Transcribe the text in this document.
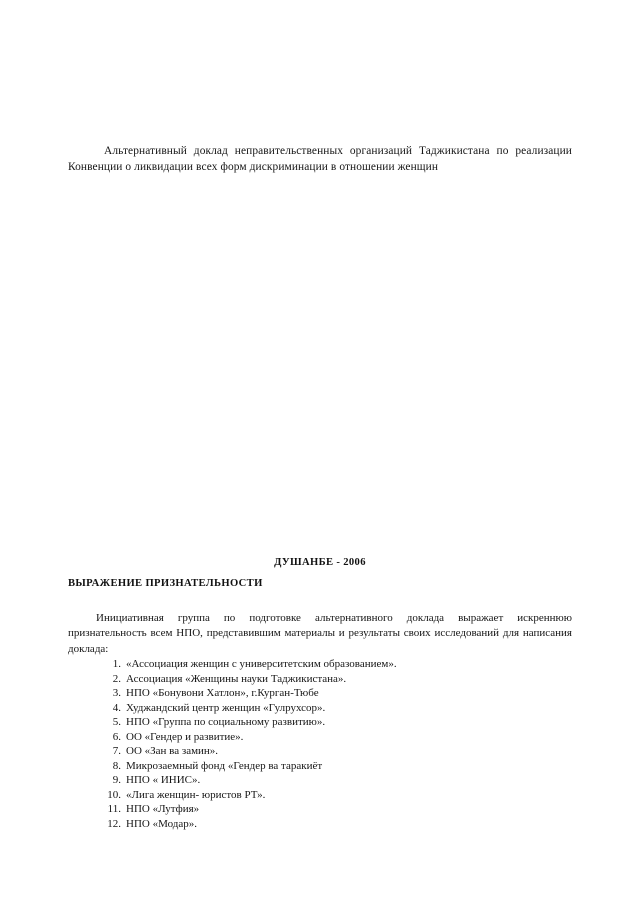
Альтернативный доклад неправительственных организаций Таджикистана по реализации Конвенции о ликвидации всех форм дискриминации в отношении женщин
ДУШАНБЕ - 2006
ВЫРАЖЕНИЕ ПРИЗНАТЕЛЬНОСТИ
Инициативная группа по подготовке альтернативного доклада выражает искреннюю признательность всем НПО, представившим материалы и результаты своих исследований для написания доклада:
1. «Ассоциация женщин с университетским образованием».
2. Ассоциация «Женщины науки Таджикистана».
3. НПО «Бонувони Хатлон», г.Курган-Тюбе
4. Худжандский центр женщин «Гулрухсор».
5. НПО «Группа по социальному развитию».
6. ОО «Гендер и развитие».
7. ОО «Зан ва замин».
8. Микрозаемный фонд «Гендер ва таракиёт
9. НПО « ИНИС».
10. «Лига женщин- юристов РТ».
11. НПО «Лутфия»
12. НПО «Модар».
